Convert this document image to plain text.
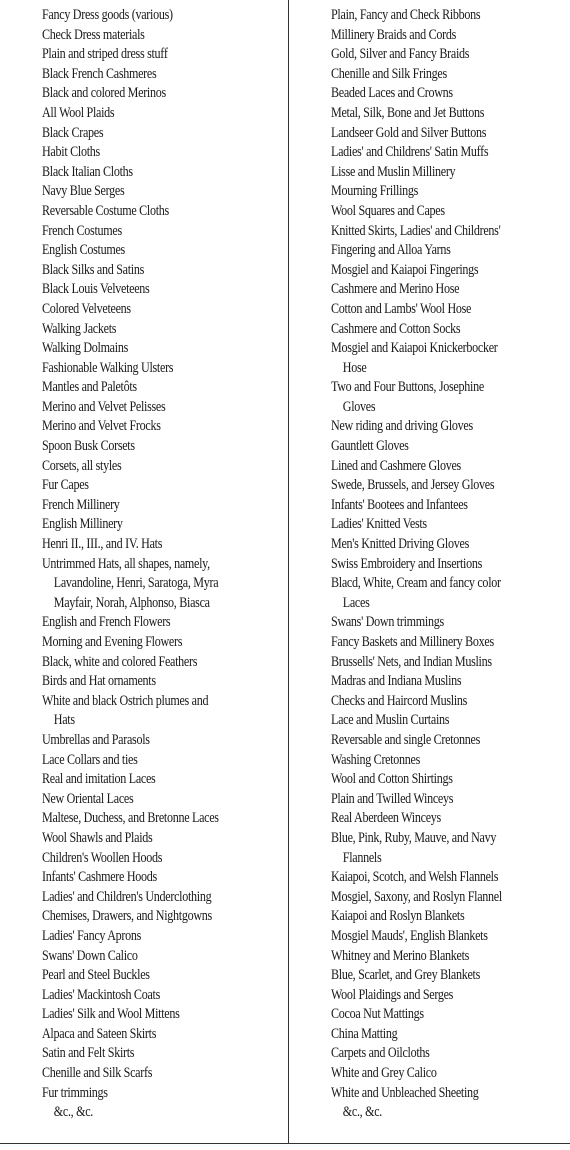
Fancy Dress goods (various)
Check Dress materials
Plain and striped dress stuff
Black French Cashmeres
Black and colored Merinos
All Wool Plaids
Black Crapes
Habit Cloths
Black Italian Cloths
Navy Blue Serges
Reversable Costume Cloths
French Costumes
English Costumes
Black Silks and Satins
Black Louis Velveteens
Colored Velveteens
Walking Jackets
Walking Dolmains
Fashionable Walking Ulsters
Mantles and Paletôts
Merino and Velvet Pelisses
Merino and Velvet Frocks
Spoon Busk Corsets
Corsets, all styles
Fur Capes
French Millinery
English Millinery
Henri II., III., and IV. Hats
Untrimmed Hats, all shapes, namely,
Lavandoline, Henri, Saratoga, Myra
Mayfair, Norah, Alphonso, Biasca
English and French Flowers
Morning and Evening Flowers
Black, white and colored Feathers
Birds and Hat ornaments
White and black Ostrich plumes and
Hats
Umbrellas and Parasols
Lace Collars and ties
Real and imitation Laces
New Oriental Laces
Maltese, Duchess, and Bretonne Laces
Wool Shawls and Plaids
Children's Woollen Hoods
Infants' Cashmere Hoods
Ladies' and Children's Underclothing
Chemises, Drawers, and Nightgowns
Ladies' Fancy Aprons
Swans' Down Calico
Pearl and Steel Buckles
Ladies' Mackintosh Coats
Ladies' Silk and Wool Mittens
Alpaca and Sateen Skirts
Satin and Felt Skirts
Chenille and Silk Scarfs
Fur trimmings
&c., &c.
Plain, Fancy and Check Ribbons
Millinery Braids and Cords
Gold, Silver and Fancy Braids
Chenille and Silk Fringes
Beaded Laces and Crowns
Metal, Silk, Bone and Jet Buttons
Landseer Gold and Silver Buttons
Ladies' and Childrens' Satin Muffs
Lisse and Muslin Millinery
Mourning Frillings
Wool Squares and Capes
Knitted Skirts, Ladies' and Childrens'
Fingering and Alloa Yarns
Mosgiel and Kaiapoi Fingerings
Cashmere and Merino Hose
Cotton and Lambs' Wool Hose
Cashmere and Cotton Socks
Mosgiel and Kaiapoi Knickerbocker
Hose
Two and Four Buttons, Josephine
Gloves
New riding and driving Gloves
Gauntlett Gloves
Lined and Cashmere Gloves
Swede, Brussels, and Jersey Gloves
Infants' Bootees and Infantees
Ladies' Knitted Vests
Men's Knitted Driving Gloves
Swiss Embroidery and Insertions
Blacd, White, Cream and fancy color
Laces
Swans' Down trimmings
Fancy Baskets and Millinery Boxes
Brussells' Nets, and Indian Muslins
Madras and Indiana Muslins
Checks and Haircord Muslins
Lace and Muslin Curtains
Reversable and single Cretonnes
Washing Cretonnes
Wool and Cotton Shirtings
Plain and Twilled Winceys
Real Aberdeen Winceys
Blue, Pink, Ruby, Mauve, and Navy
Flannels
Kaiapoi, Scotch, and Welsh Flannels
Mosgiel, Saxony, and Roslyn Flannel
Kaiapoi and Roslyn Blankets
Mosgiel Mauds', English Blankets
Whitney and Merino Blankets
Blue, Scarlet, and Grey Blankets
Wool Plaidings and Serges
Cocoa Nut Mattings
China Matting
Carpets and Oilcloths
White and Grey Calico
White and Unbleached Sheeting
&c., &c.
